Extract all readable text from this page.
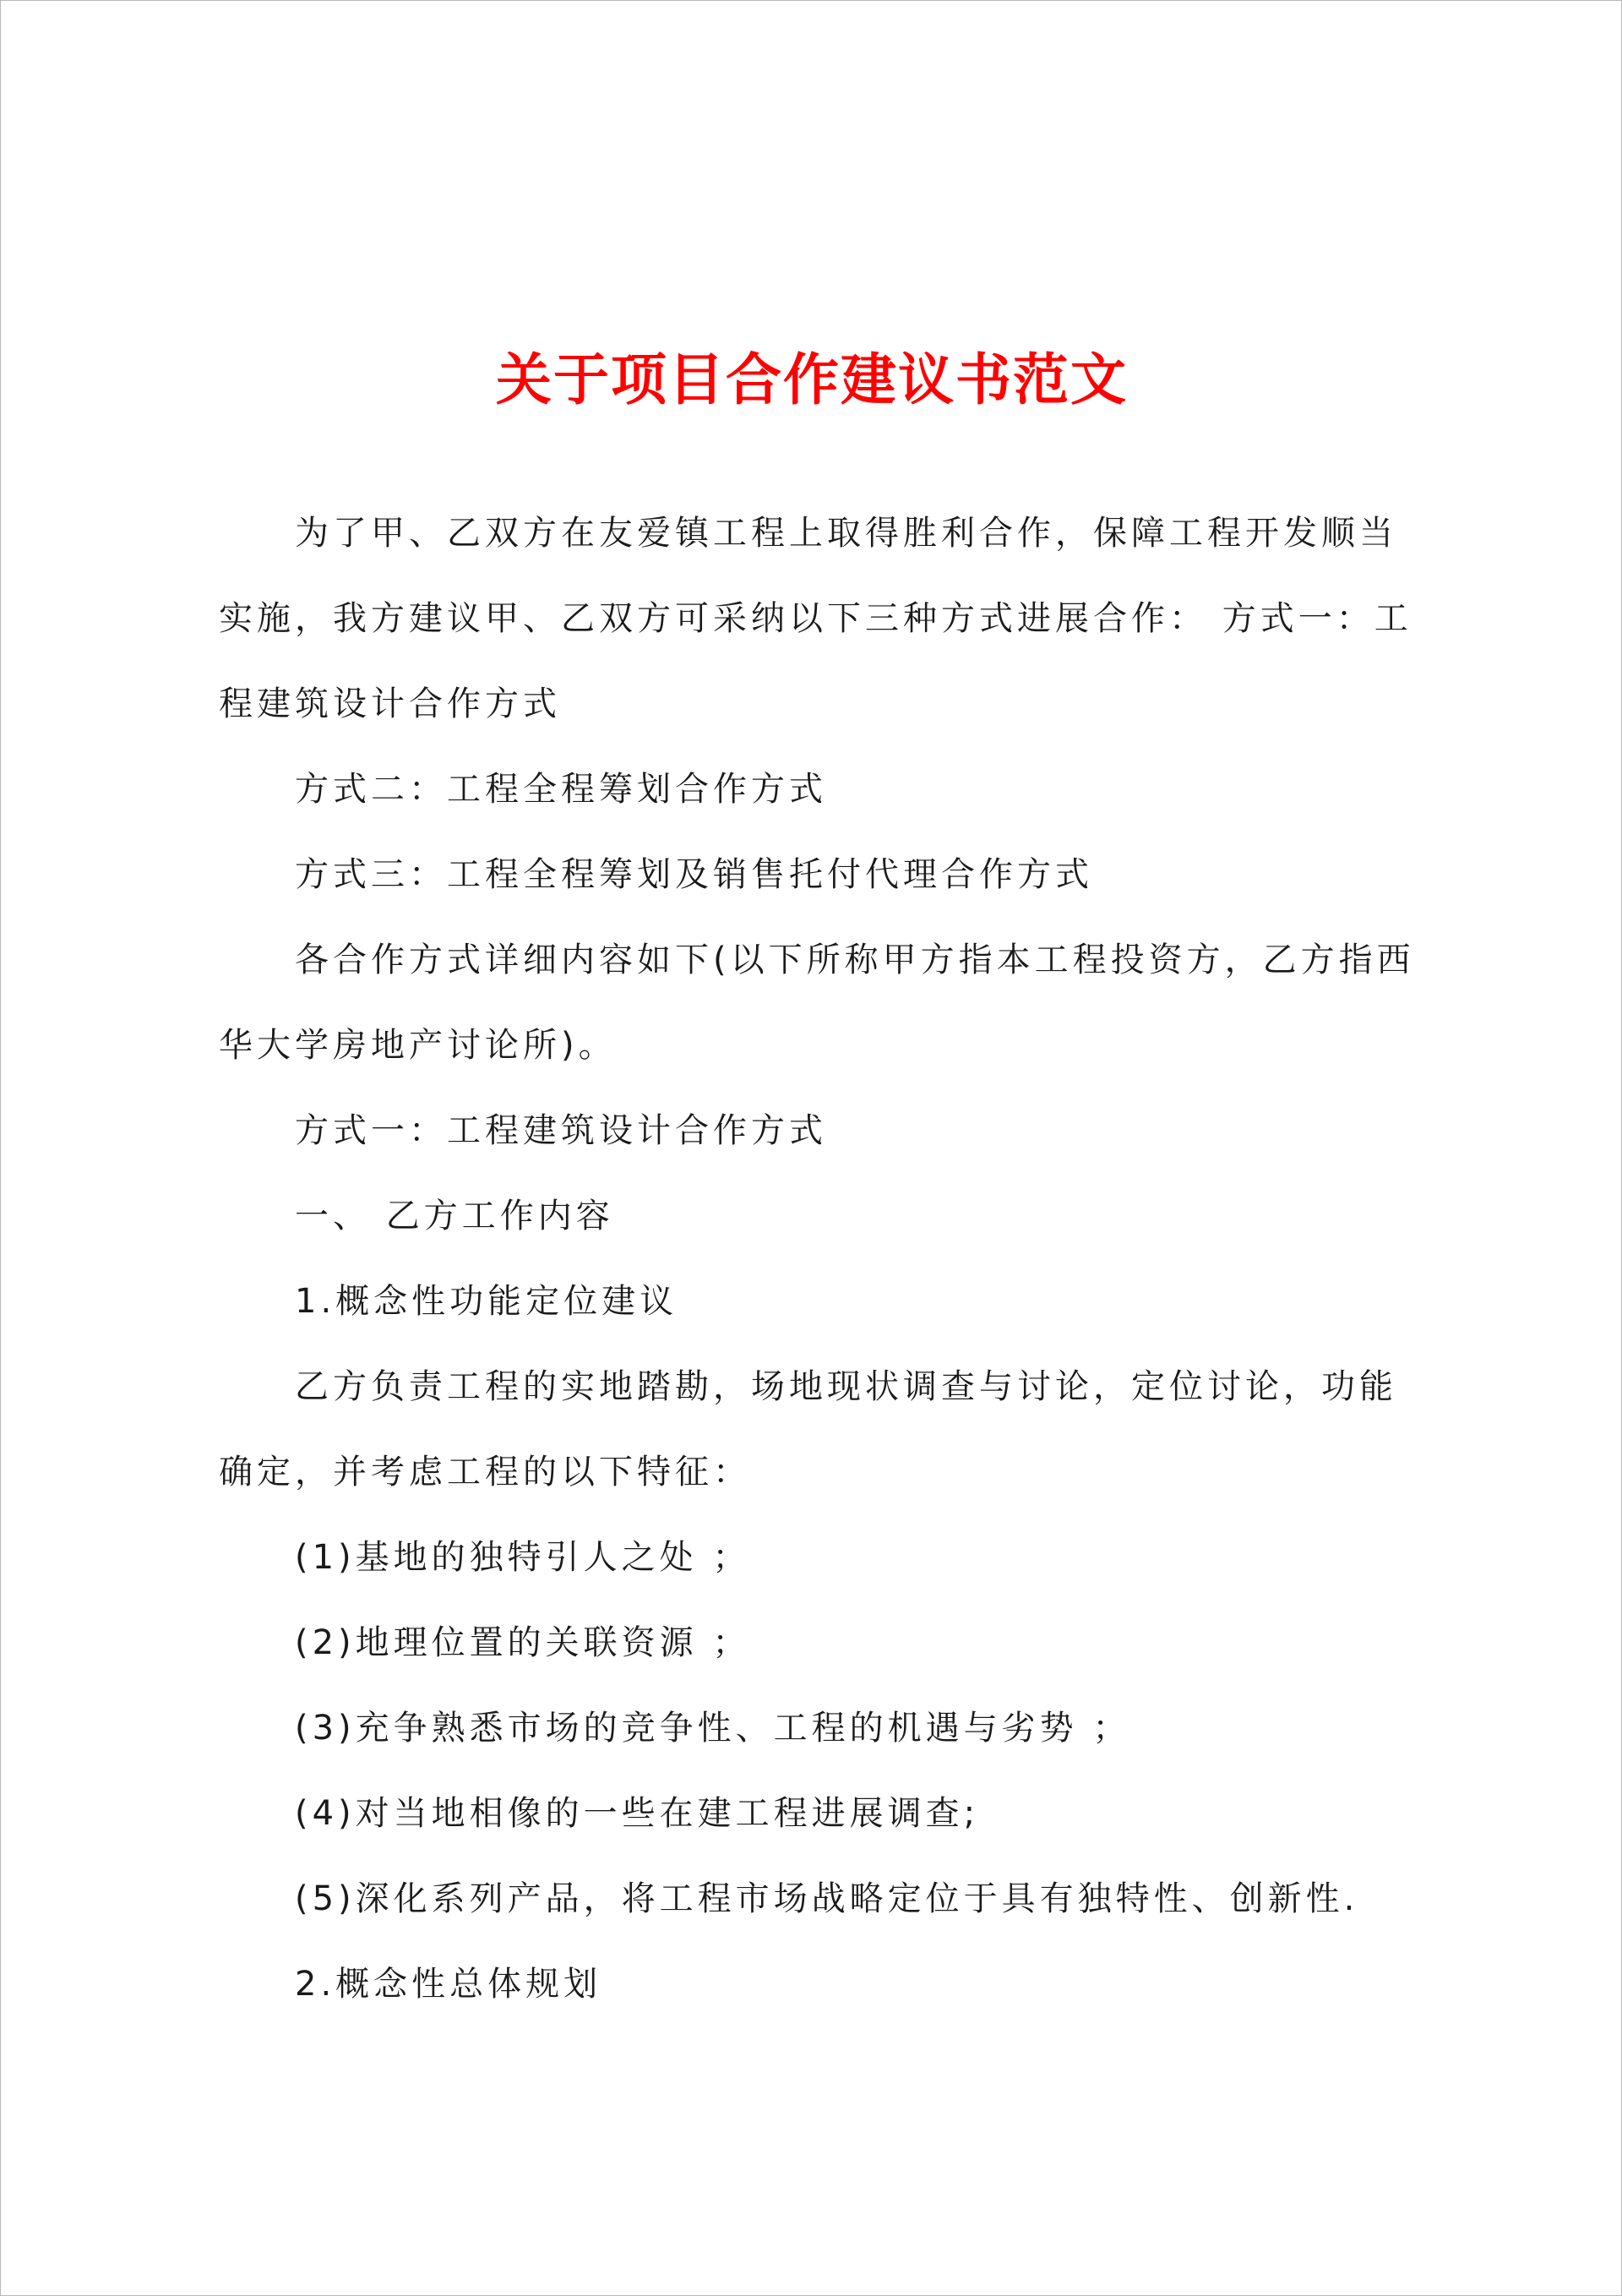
关于项目合作建议书范文

为了甲、乙双方在友爱镇工程上取得胜利合作，保障工程开发顺当实施，我方建议甲、乙双方可采纳以下三种方式进展合作： 方式一：工程建筑设计合作方式

方式二：工程全程筹划合作方式

方式三：工程全程筹划及销售托付代理合作方式

各合作方式详细内容如下(以下所称甲方指本工程投资方，乙方指西华大学房地产讨论所)。

方式一：工程建筑设计合作方式

一、 乙方工作内容

1.概念性功能定位建议

乙方负责工程的实地踏勘，场地现状调查与讨论，定位讨论，功能确定，并考虑工程的以下特征：

(1)基地的独特引人之处 ；

(2)地理位置的关联资源 ；

(3)充争熟悉市场的竞争性、工程的机遇与劣势 ；

(4)对当地相像的一些在建工程进展调查;

(5)深化系列产品，将工程市场战略定位于具有独特性、创新性.

2.概念性总体规划
